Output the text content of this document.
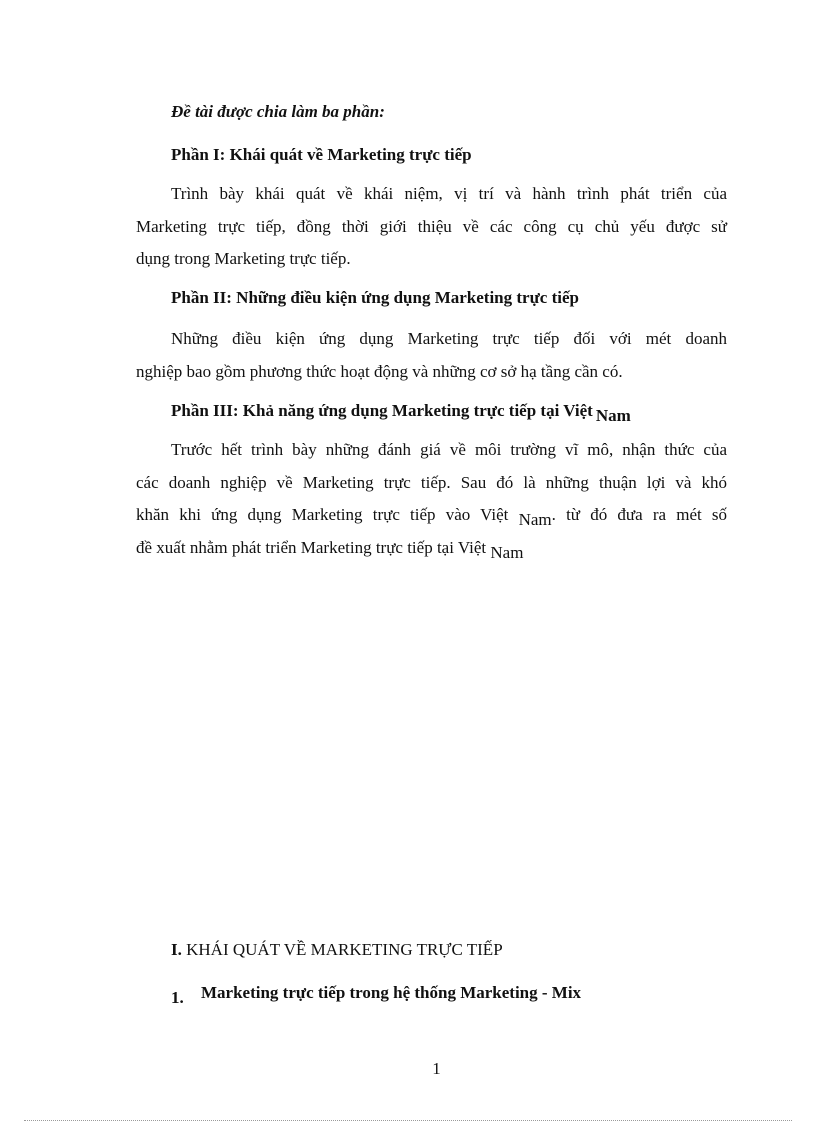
Đề tài được chia làm ba phần:

Phần I: Khái quát về Marketing trực tiếp

Trình bày khái quát về khái niệm, vị trí và hành trình phát triển của
Marketing trực tiếp, đồng thời giới thiệu về các công cụ chủ yếu được sử
dụng trong Marketing trực tiếp.

Phần II: Những điều kiện ứng dụng Marketing trực tiếp

Những điều kiện ứng dụng Marketing trực tiếp đối với mét doanh
nghiệp bao gồm phương thức hoạt động và những cơ sở hạ tầng cần có.

Phần III: Khả năng ứng dụng Marketing trực tiếp tại Việt Nam

Trước hết trình bày những đánh giá về môi trường vĩ mô, nhận thức của
các doanh nghiệp về Marketing trực tiếp. Sau đó là những thuận lợi và khó
khăn khi ứng dụng Marketing trực tiếp vào Việt Nam. từ đó đưa ra mét số
đề xuất nhằm phát triển Marketing trực tiếp tại Việt Nam

I. KHÁI QUÁT VỀ MARKETING TRỰC TIẾP

1. Marketing trực tiếp trong hệ thống Marketing - Mix

1
